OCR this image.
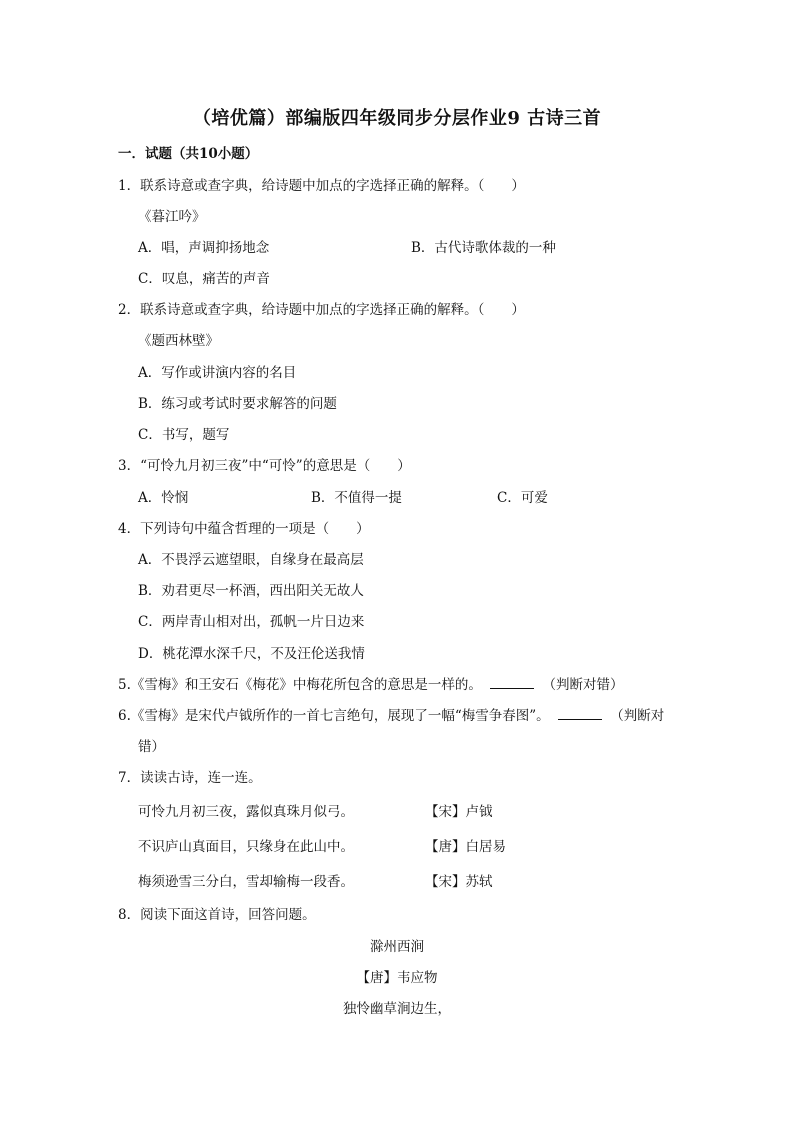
（培优篇）部编版四年级同步分层作业9 古诗三首
一．试题（共10小题）
1．联系诗意或查字典，给诗题中加点的字选择正确的解释。（　　）
《暮江吟》
A．唱，声调抑扬地念	B．古代诗歌体裁的一种
C．叹息，痛苦的声音
2．联系诗意或查字典，给诗题中加点的字选择正确的解释。（　　）
《题西林壁》
A．写作或讲演内容的名目
B．练习或考试时要求解答的问题
C．书写，题写
3．“可怜九月初三夜”中“可怜”的意思是（　　）
A．怜悯	B．不值得一提	C．可爱
4．下列诗句中蕴含哲理的一项是（　　）
A．不畏浮云遮望眼，自缘身在最高层
B．劝君更尽一杯酒，西出阳关无故人
C．两岸青山相对出，孤帆一片日边来
D．桃花潭水深千尺，不及汪伦送我情
5.《雪梅》和王安石《梅花》中梅花所包含的意思是一样的。	（判断对错）
6.《雪梅》是宋代卢钺所作的一首七言绝句，展现了一幅“梅雪争春图”。	（判断对
错）
7．读读古诗，连一连。
可怜九月初三夜，露似真珠月似弓。	【宋】卢钺
不识庐山真面目，只缘身在此山中。	【唐】白居易
梅须逊雪三分白，雪却输梅一段香。	【宋】苏轼
8．阅读下面这首诗，回答问题。
滁州西涧
【唐】韦应物
独怜幽草涧边生，
